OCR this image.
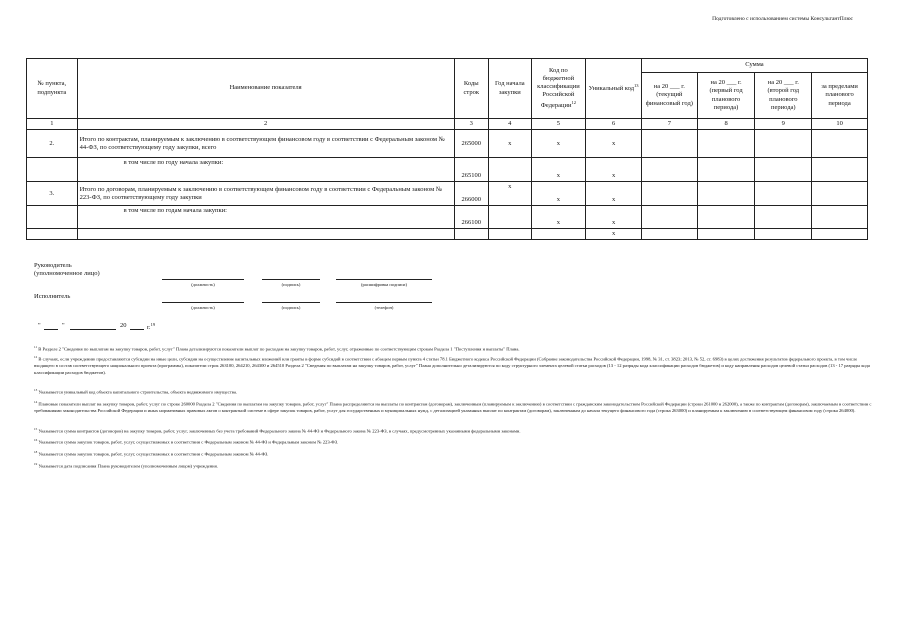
Подготовлено с использованием системы КонсультантПлюс
№ пункта, подпункта	Наименование показателя	Коды строк	Год начала закупки	Код по бюджетной классификации Российской Федерации$^{12}$	Уникальный код$^{13}$	Сумма			
						на 20 ___ г. (текущий финансовый год)	на 20 ___ г. (первый год планового периода)	на 20 ___ г. (второй год планового периода)	за пределами планового периода
1	2	3	4	5	6	7	8	9	10
2.	Итого по контрактам, планируемым к заключению в соответствующем финансовом году в соответствии с Федеральным законом № 44-ФЗ, по соответствующему году закупки, всего	265000	x	x	x				
	в том числе по году начала закупки:	265100		x	x				
3.	Итого по договорам, планируемым к заключению в соответствующем финансовом году в соответствии с Федеральным законом № 223-ФЗ, по соответствующему году закупки	266000	x	x	x				
	в том числе по годам начала закупки:	266100		x	x				
					x				
Руководитель (уполномоченное лицо)
(должность)	(подпись)	(расшифровка подписи)
Исполнитель
(должность)	(подпись)	(телефон)
"	"	20	г.$^{19}$
$^{11}$ В Разделе 2 "Сведения по выплатам на закупку товаров, работ, услуг" Плана детализируются показатели выплат по расходам на закупку товаров, работ, услуг, отраженные по соответствующим строкам Раздела 1 "Поступления и выплаты" Плана.
$^{12}$ В случаях, если учреждению предоставляются субсидии на иные цели, субсидии на осуществление капитальных вложений или гранты в форме субсидий в соответствии с абзацем первым пункта 4 статьи 78.1 Бюджетного кодекса Российской Федерации (Собрание законодательства Российской Федерации, 1998, № 31, ст. 3823; 2013, № 52, ст. 6983) в целях достижения результатов федерального проекта, в том числе входящего в состав соответствующего национального проекта (программы), показатели строк 26З100, 264210, 264300 и 264510 Раздела 2 "Сведения по выплатам на закупку товаров, работ, услуг" Плана дополнительно детализируются по коду структурного элемента целевой статьи расходов (13 - 12 разряды кода классификации расходов бюджетов) и коду направления расходов целевой статьи расходов (13 - 17 разряды кода классификации расходов бюджетов).
$^{13}$ Указывается уникальный код объекта капитального строительства, объекта недвижимого имущества.
$^{14}$ Плановые показатели выплат на закупку товаров, работ, услуг по строке 260000 Раздела 2 "Сведения по выплатам на закупку товаров, работ, услуг" Плана распределяются на выплаты по контрактам (договорам), заключенным (планируемым к заключению) в соответствии с гражданским законодательством Российской Федерации (строки 261000 и 262000), а также по контрактам (договорам), заключаемым в соответствии с требованиями законодательства Российской Федерации и иных нормативных правовых актов о контрактной системе в сфере закупок товаров, работ, услуг для государственных и муниципальных нужд, с детализацией указанных выплат по контрактам (договорам), заключенным до начала текущего финансового года (строка 263000) и планируемым к заключению в соответствующем финансовом году (строка 264000).
$^{15}$ Указывается сумма контрактов (договоров) на закупку товаров, работ, услуг, заключенных без учета требований Федерального закона № 44-ФЗ и Федерального закона № 223-ФЗ, в случаях, предусмотренных указанными федеральными законами.
$^{16}$ Указывается сумма закупок товаров, работ, услуг, осуществляемых в соответствии с Федеральным законом № 44-ФЗ и Федеральным законом № 223-ФЗ.
$^{18}$ Указывается сумма закупок товаров, работ, услуг, осуществляемых в соответствии с Федеральным законом № 44-ФЗ.
$^{19}$ Указывается дата подписания Плана руководителем (уполномоченным лицом) учреждения.
